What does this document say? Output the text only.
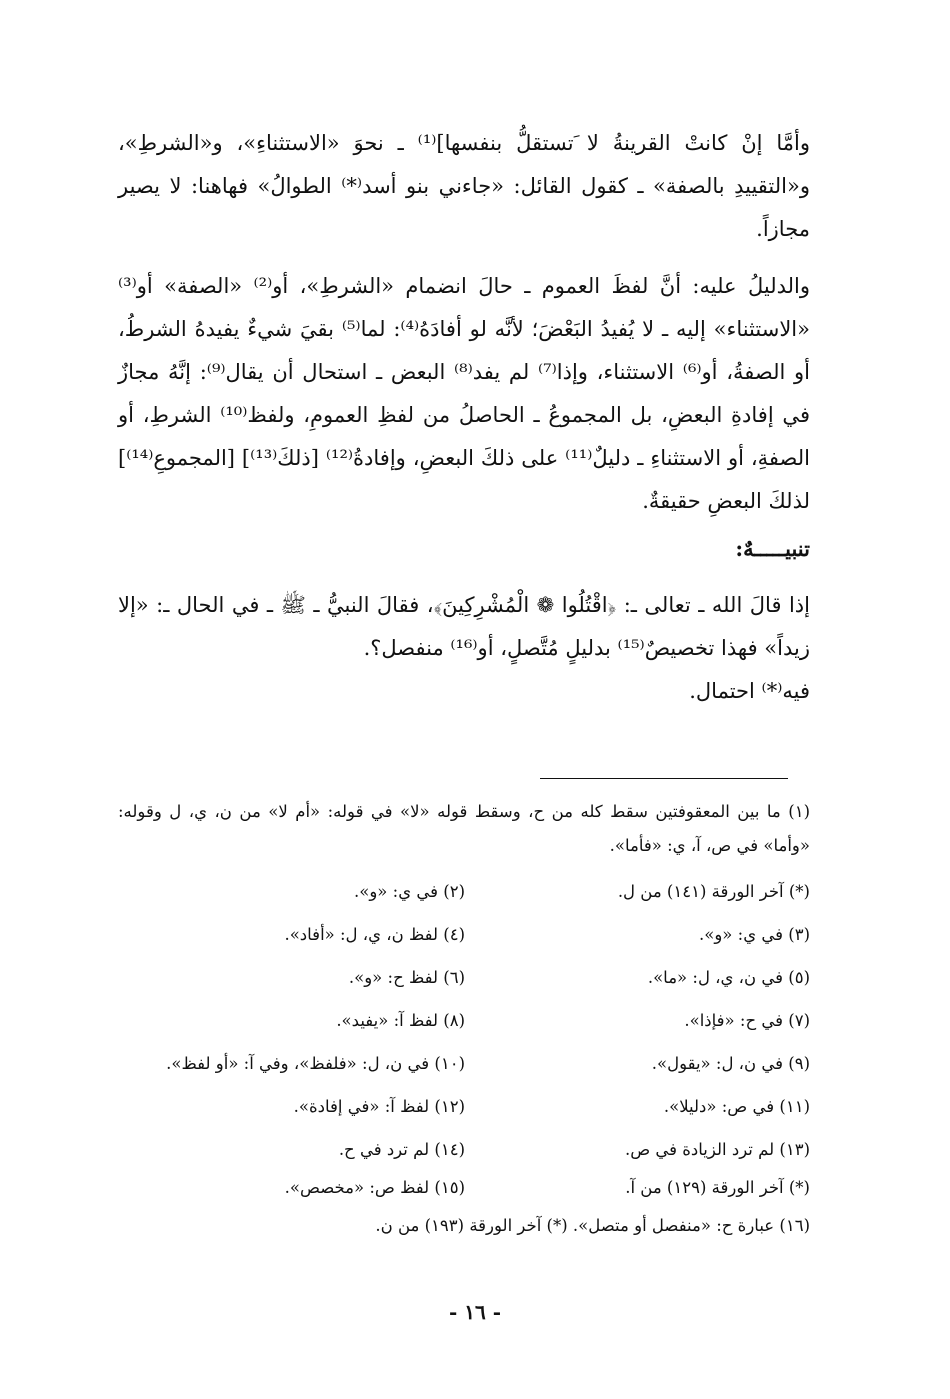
وأمَّا إنْ كانتْ القرينةُ لا َتستقلُّ بنفسها]⁽¹⁾ ـ نحوَ «الاستثناءِ»، و«الشرطِ»، و«التقييدِ بالصفة» ـ كقول القائل: «جاءني بنو أسد⁽*⁾ الطوالُ» فهاهنا: لا يصير مجازاً.

والدليلُ عليه: أنَّ لفظَ العموم ـ حالَ انضمام «الشرطِ»، أو⁽²⁾ «الصفة» أو⁽³⁾ «الاستثناء» إليه ـ لا يُفيدُ البَعْضَ؛ لأنَّه لو أفادَهُ⁽⁴⁾: لما⁽⁵⁾ بقيَ شيءٌ يفيدهُ الشرطُ، أو الصفةُ، أو⁽⁶⁾ الاستثناء، وإذا⁽⁷⁾ لم يفد⁽⁸⁾ البعض ـ استحال أن يقال⁽⁹⁾: إنَّهُ مجازٌ في إفادةِ البعضِ، بل المجموعُ ـ الحاصلُ من لفظِ العمومِ، ولفظ⁽¹⁰⁾ الشرطِ، أو الصفةِ، أو الاستثناءِ ـ دليلٌ⁽¹¹⁾ على ذلكَ البعضِ، وإفادةُ⁽¹²⁾ [ذلكَ⁽¹³⁾] [المجموعِ⁽¹⁴⁾] لذلكَ البعضِ حقيقةٌ.

تنبيـــــهٌ:

إذا قالَ الله ـ تعالى ـ: ﴿اقْتُلُوا ❁ الْمُشْرِكِينَ﴾، فقالَ النبيُّ ـ ﷺ ـ في الحال ـ: «إلا زيداً» فهذا تخصيصٌ⁽¹⁵⁾ بدليلٍ مُتَّصلٍ، أو⁽¹⁶⁾ منفصل؟.

فيه⁽*⁾ احتمال.

(١) ما بين المعقوفتين سقط كله من ح، وسقط قوله «لا» في قوله: «أم لا» من ن، ي، ل وقوله: «وأما» في ص، آ، ي: «فأما».

(*) آخر الورقة (١٤١) من ل.
(٢) في ي: «و».
(٣) في ي: «و».
(٤) لفظ ن، ي، ل: «أفاد».
(٥) في ن، ي، ل: «ما».
(٦) لفظ ح: «و».
(٧) في ح: «فإذا».
(٨) لفظ آ: «يفيد».
(٩) في ن، ل: «يقول».
(١٠) في ن، ل: «فلفظ»، وفي آ: «أو لفظ».
(١١) في ص: «دليلا».
(١٢) لفظ آ: «في إفادة».
(١٣) لم ترد الزيادة في ص.
(١٤) لم ترد في ح.
(*) آخر الورقة (١٢٩) من آ.
(١٥) لفظ ص: «مخصص».
(١٦) عبارة ح: «منفصل أو متصل». (*) آخر الورقة (١٩٣) من ن.
- ١٦ -
